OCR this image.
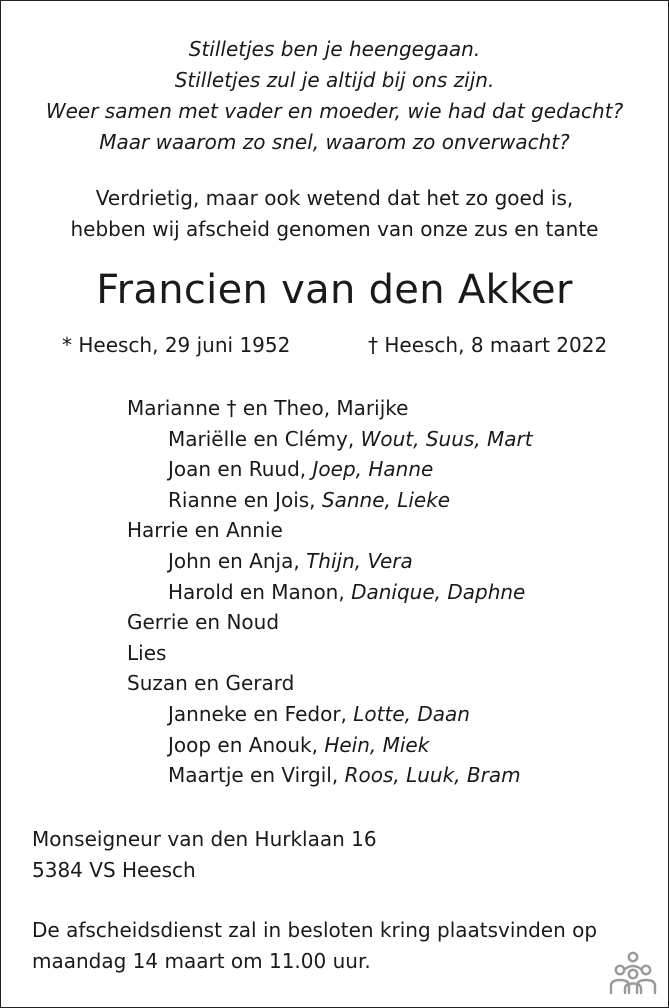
Stilletjes ben je heengegaan.
Stilletjes zul je altijd bij ons zijn.
Weer samen met vader en moeder, wie had dat gedacht?
Maar waarom zo snel, waarom zo onverwacht?
Verdrietig, maar ook wetend dat het zo goed is,
hebben wij afscheid genomen van onze zus en tante
Francien van den Akker
* Heesch, 29 juni 1952	† Heesch, 8 maart 2022
Marianne † en Theo, Marijke
Mariëlle en Clémy, Wout, Suus, Mart
Joan en Ruud, Joep, Hanne
Rianne en Jois, Sanne, Lieke
Harrie en Annie
John en Anja, Thijn, Vera
Harold en Manon, Danique, Daphne
Gerrie en Noud
Lies
Suzan en Gerard
Janneke en Fedor, Lotte, Daan
Joop en Anouk, Hein, Miek
Maartje en Virgil, Roos, Luuk, Bram
Monseigneur van den Hurklaan 16
5384 VS Heesch
De afscheidsdienst zal in besloten kring plaatsvinden op
maandag 14 maart om 11.00 uur.
